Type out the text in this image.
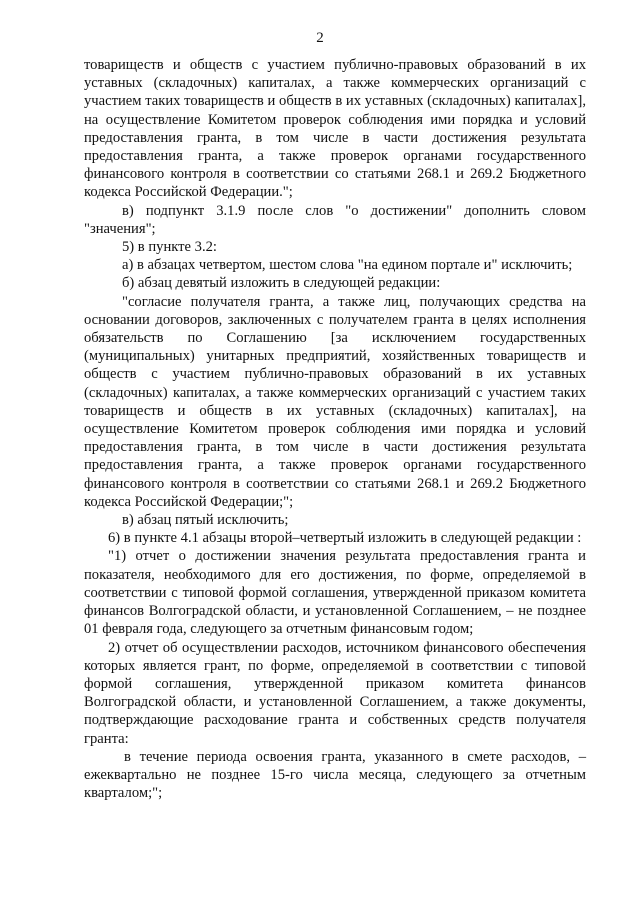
2

товариществ и обществ с участием публично-правовых образований в их уставных (складочных) капиталах, а также коммерческих организаций с участием таких товариществ и обществ в их уставных (складочных) капиталах], на осуществление Комитетом проверок соблюдения ими порядка и условий предоставления гранта, в том числе в части достижения результата предоставления гранта, а также проверок органами государственного финансового контроля в соответствии со статьями 268.1 и 269.2 Бюджетного кодекса Российской Федерации.";

в) подпункт 3.1.9 после слов "о достижении" дополнить словом "значения";

5) в пункте 3.2:

а) в абзацах четвертом, шестом слова "на едином портале и" исключить;

б) абзац девятый изложить в следующей редакции:

"согласие получателя гранта, а также лиц, получающих средства на основании договоров, заключенных с получателем гранта в целях исполнения обязательств по Соглашению [за исключением государственных (муниципальных) унитарных предприятий, хозяйственных товариществ и обществ с участием публично-правовых образований в их уставных (складочных) капиталах, а также коммерческих организаций с участием таких товариществ и обществ в их уставных (складочных) капиталах], на осуществление Комитетом проверок соблюдения ими порядка и условий предоставления гранта, в том числе в части достижения результата предоставления гранта, а также проверок органами государственного финансового контроля в соответствии со статьями 268.1 и 269.2 Бюджетного кодекса Российской Федерации;";

в) абзац пятый исключить;

6) в пункте 4.1 абзацы второй–четвертый изложить в следующей редакции :

"1) отчет о достижении значения результата предоставления гранта и показателя, необходимого для его достижения, по форме, определяемой в соответствии с типовой формой соглашения, утвержденной приказом комитета финансов Волгоградской области, и установленной Соглашением, – не позднее 01 февраля года, следующего за отчетным финансовым годом;

2) отчет об осуществлении расходов, источником финансового обеспечения которых является грант, по форме, определяемой в соответствии с типовой формой соглашения, утвержденной приказом комитета финансов Волгоградской области, и установленной Соглашением, а также документы, подтверждающие расходование гранта и собственных средств получателя гранта:

в течение периода освоения гранта, указанного в смете расходов, – ежеквартально не позднее 15-го числа месяца, следующего за отчетным кварталом;";
